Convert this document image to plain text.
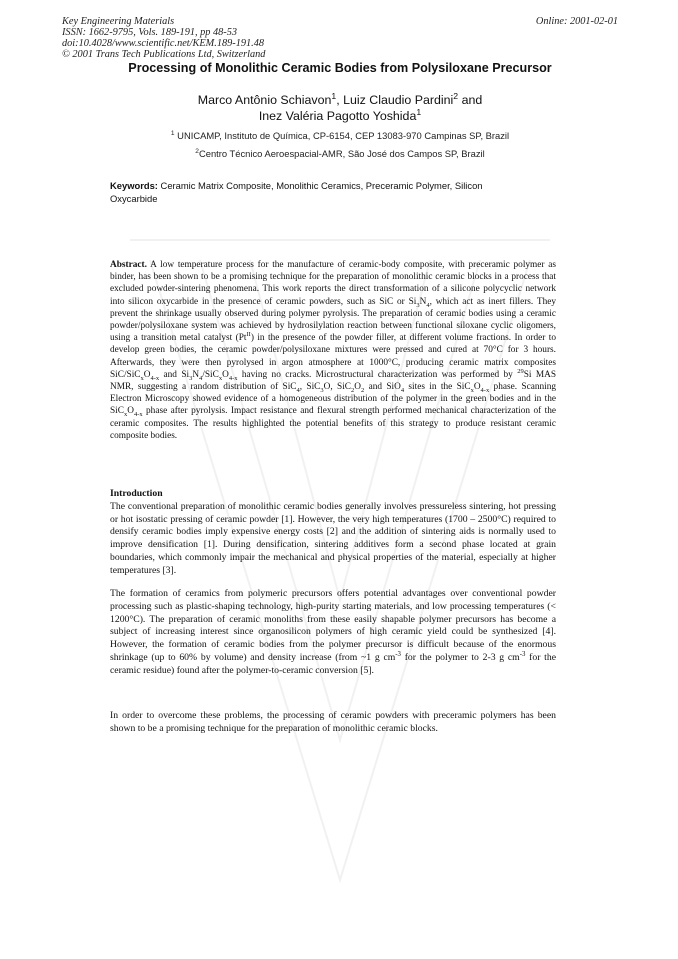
Key Engineering Materials
ISSN: 1662-9795, Vols. 189-191, pp 48-53
doi:10.4028/www.scientific.net/KEM.189-191.48
© 2001 Trans Tech Publications Ltd, Switzerland
Online: 2001-02-01
Processing of Monolithic Ceramic Bodies from Polysiloxane Precursor
Marco Antônio Schiavon$^1$, Luiz Claudio Pardini$^2$ and
Inez Valéria Pagotto Yoshida$^1$
$^1$ UNICAMP, Instituto de Química, CP-6154, CEP 13083-970 Campinas SP, Brazil
$^2$Centro Técnico Aeroespacial-AMR, São José dos Campos SP, Brazil
Keywords: Ceramic Matrix Composite, Monolithic Ceramics, Preceramic Polymer, Silicon Oxycarbide
Abstract. A low temperature process for the manufacture of ceramic-body composite, with preceramic polymer as binder, has been shown to be a promising technique for the preparation of monolithic ceramic blocks in a process that excluded powder-sintering phenomena. This work reports the direct transformation of a silicone polycyclic network into silicon oxycarbide in the presence of ceramic powders, such as SiC or $Si_3N_4$, which act as inert fillers. They prevent the shrinkage usually observed during polymer pyrolysis. The preparation of ceramic bodies using a ceramic powder/polysiloxane system was achieved by hydrosilylation reaction between functional siloxane cyclic oligomers, using a transition metal catalyst $(Pt^{II})$ in the presence of the powder filler, at different volume fractions. In order to develop green bodies, the ceramic powder/polysiloxane mixtures were pressed and cured at 70°C for 3 hours. Afterwards, they were then pyrolysed in argon atmosphere at 1000°C, producing ceramic matrix composites SiC/$SiC_xO_{4-x}$ and $Si_3N_4/SiC_xO_{4-x}$ having no cracks. Microstructural characterization was performed by $^{29}$Si MAS NMR, suggesting a random distribution of SiC$_4$, SiC$_3$O, $SiC_2O_2$ and SiO$_4$ sites in the $SiC_xO_{4-x}$ phase. Scanning Electron Microscopy showed evidence of a homogeneous distribution of the polymer in the green bodies and in the $SiC_xO_{4-x}$ phase after pyrolysis. Impact resistance and flexural strength performed mechanical characterization of the ceramic composites. The results highlighted the potential benefits of this strategy to produce resistant ceramic composite bodies.
Introduction
The conventional preparation of monolithic ceramic bodies generally involves pressureless sintering, hot pressing or hot isostatic pressing of ceramic powder [1]. However, the very high temperatures (1700 – 2500°C) required to densify ceramic bodies imply expensive energy costs [2] and the addition of sintering aids is normally used to improve densification [1]. During densification, sintering additives form a second phase located at grain boundaries, which commonly impair the mechanical and physical properties of the material, especially at higher temperatures [3].
The formation of ceramics from polymeric precursors offers potential advantages over conventional powder processing such as plastic-shaping technology, high-purity starting materials, and low processing temperatures (< 1200°C). The preparation of ceramic monoliths from these easily shapable polymer precursors has become a subject of increasing interest since organosilicon polymers of high ceramic yield could be synthesized [4]. However, the formation of ceramic bodies from the polymer precursor is difficult because of the enormous shrinkage (up to 60% by volume) and density increase (from ~1 g $cm^{-3}$ for the polymer to 2-3 g $cm^{-3}$ for the ceramic residue) found after the polymer-to-ceramic conversion [5].
In order to overcome these problems, the processing of ceramic powders with preceramic polymers has been shown to be a promising technique for the preparation of monolithic ceramic blocks.
